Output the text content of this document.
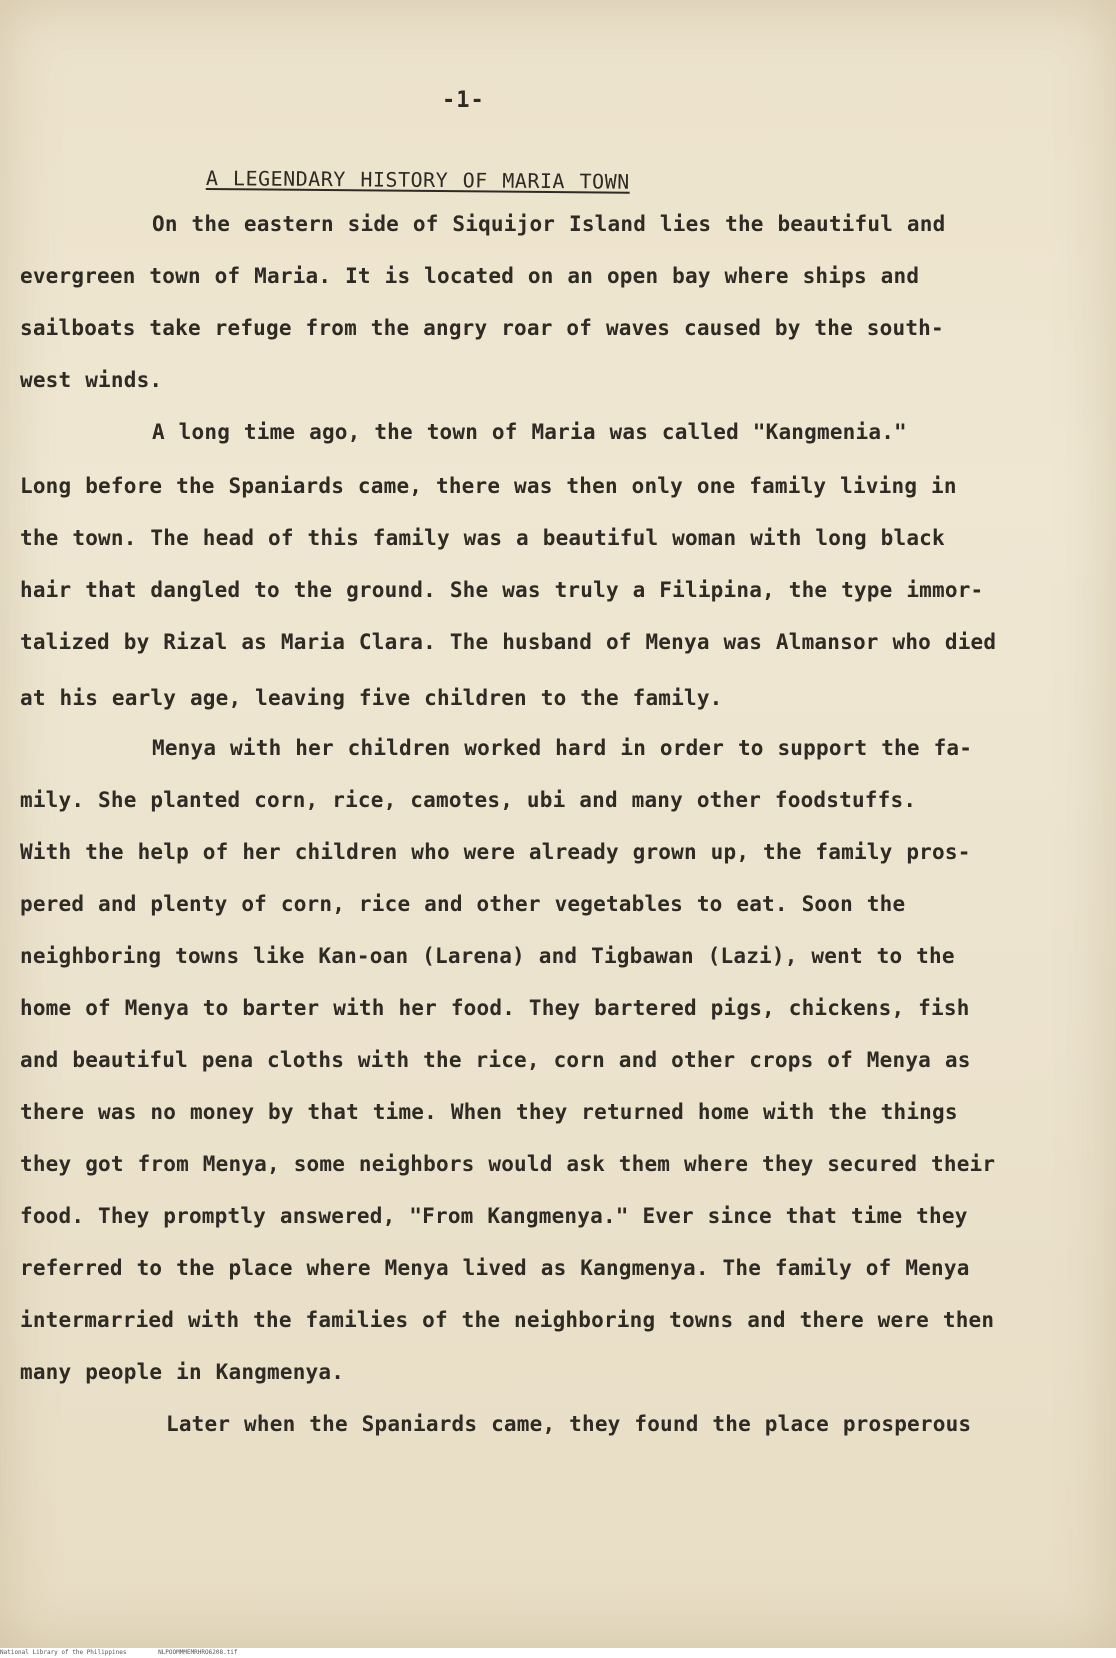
-1-
A LEGENDARY HISTORY OF MARIA TOWN
On the eastern side of Siquijor Island lies the beautiful and
evergreen town of Maria. It is located on an open bay where ships and
sailboats take refuge from the angry roar of waves caused by the south-
west winds.
A long time ago, the town of Maria was called "Kangmenia."
Long before the Spaniards came, there was then only one family living in
the town. The head of this family was a beautiful woman with long black
hair that dangled to the ground. She was truly a Filipina, the type immor-
talized by Rizal as Maria Clara. The husband of Menya was Almansor who died
at his early age, leaving five children to the family.
Menya with her children worked hard in order to support the fa-
mily. She planted corn, rice, camotes, ubi and many other foodstuffs.
With the help of her children who were already grown up, the family pros-
pered and plenty of corn, rice and other vegetables to eat. Soon the
neighboring towns like Kan-oan (Larena) and Tigbawan (Lazi), went to the
home of Menya to barter with her food. They bartered pigs, chickens, fish
and beautiful pena cloths with the rice, corn and other crops of Menya as
there was no money by that time. When they returned home with the things
they got from Menya, some neighbors would ask them where they secured their
food. They promptly answered, "From Kangmenya." Ever since that time they
referred to the place where Menya lived as Kangmenya. The family of Menya
intermarried with the families of the neighboring towns and there were then
many people in Kangmenya.
Later when the Spaniards came, they found the place prosperous
National Library of the Philippines	NLPOOMMMEMRHRO6208.tif
